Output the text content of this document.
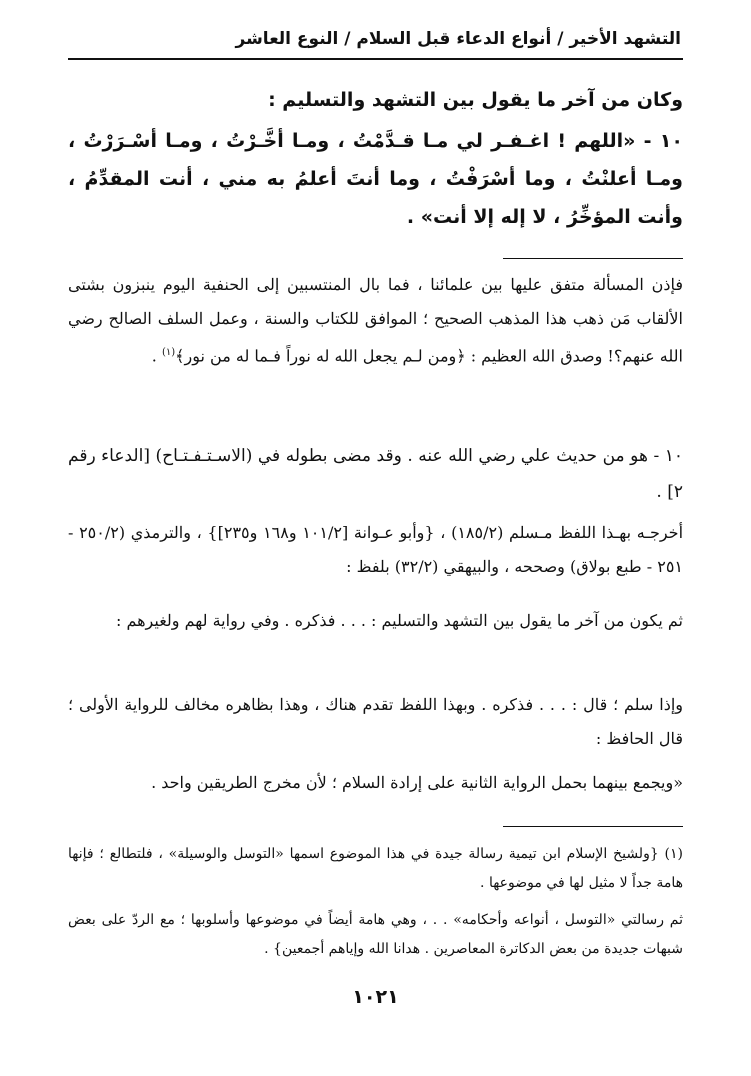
التشهد الأخير / أنواع الدعاء قبل السلام / النوع العاشر
وكان من آخر ما يقول بين التشهد والتسليم :
١٠ - «اللهم ! اغـفـر لي مـا قـدَّمْتُ ، ومـا أخَّـرْتُ ، ومـا أسْـرَرْتُ ، ومـا أعلنْتُ ، وما أسْرَفْتُ ، وما أنتَ أعلمُ به مني ، أنت المقدِّمُ ، وأنت المؤخِّرُ ، لا إله إلا أنت» .
فإذن المسألة متفق عليها بين علمائنا ، فما بال المنتسبين إلى الحنفية اليوم ينبزون بشتى الألقاب مَن ذهب هذا المذهب الصحيح ؛ الموافق للكتاب والسنة ، وعمل السلف الصالح رضي الله عنهم؟! وصدق الله العظيم : ﴿ومن لـم يجعل الله له نوراً فـما له من نور﴾$^{(١)}$ .
١٠ - هو من حديث علي رضي الله عنه . وقد مضى بطوله في (الاسـتـفـتـاح) [الدعاء رقم ٢] .
أخرجـه بهـذا اللفظ مـسلم (١٨٥/٢) ، {وأبو عـوانة [١٠١/٢ و١٦٨ و٢٣٥]} ، والترمذي (٢٥٠/٢ - ٢٥١ - طبع بولاق) وصححه ، والبيهقي (٣٢/٢) بلفظ :
ثم يكون من آخر ما يقول بين التشهد والتسليم : . . . فذكره . وفي رواية لهم ولغيرهم :
وإذا سلم ؛ قال : . . . فذكره . وبهذا اللفظ تقدم هناك ، وهذا بظاهره مخالف للرواية الأولى ؛ قال الحافظ :
«ويجمع بينهما بحمل الرواية الثانية على إرادة السلام ؛ لأن مخرج الطريقين واحد .
(١) {ولشيخ الإسلام ابن تيمية رسالة جيدة في هذا الموضوع اسمها «التوسل والوسيلة» ، فلتطالع ؛ فإنها هامة جداً لا مثيل لها في موضوعها .
ثم رسالتي «التوسل ، أنواعه وأحكامه» . . ، وهي هامة أيضاً في موضوعها وأسلوبها ؛ مع الردّ على بعض شبهات جديدة من بعض الدكاترة المعاصرين . هدانا الله وإياهم أجمعين} .
١٠٢١
